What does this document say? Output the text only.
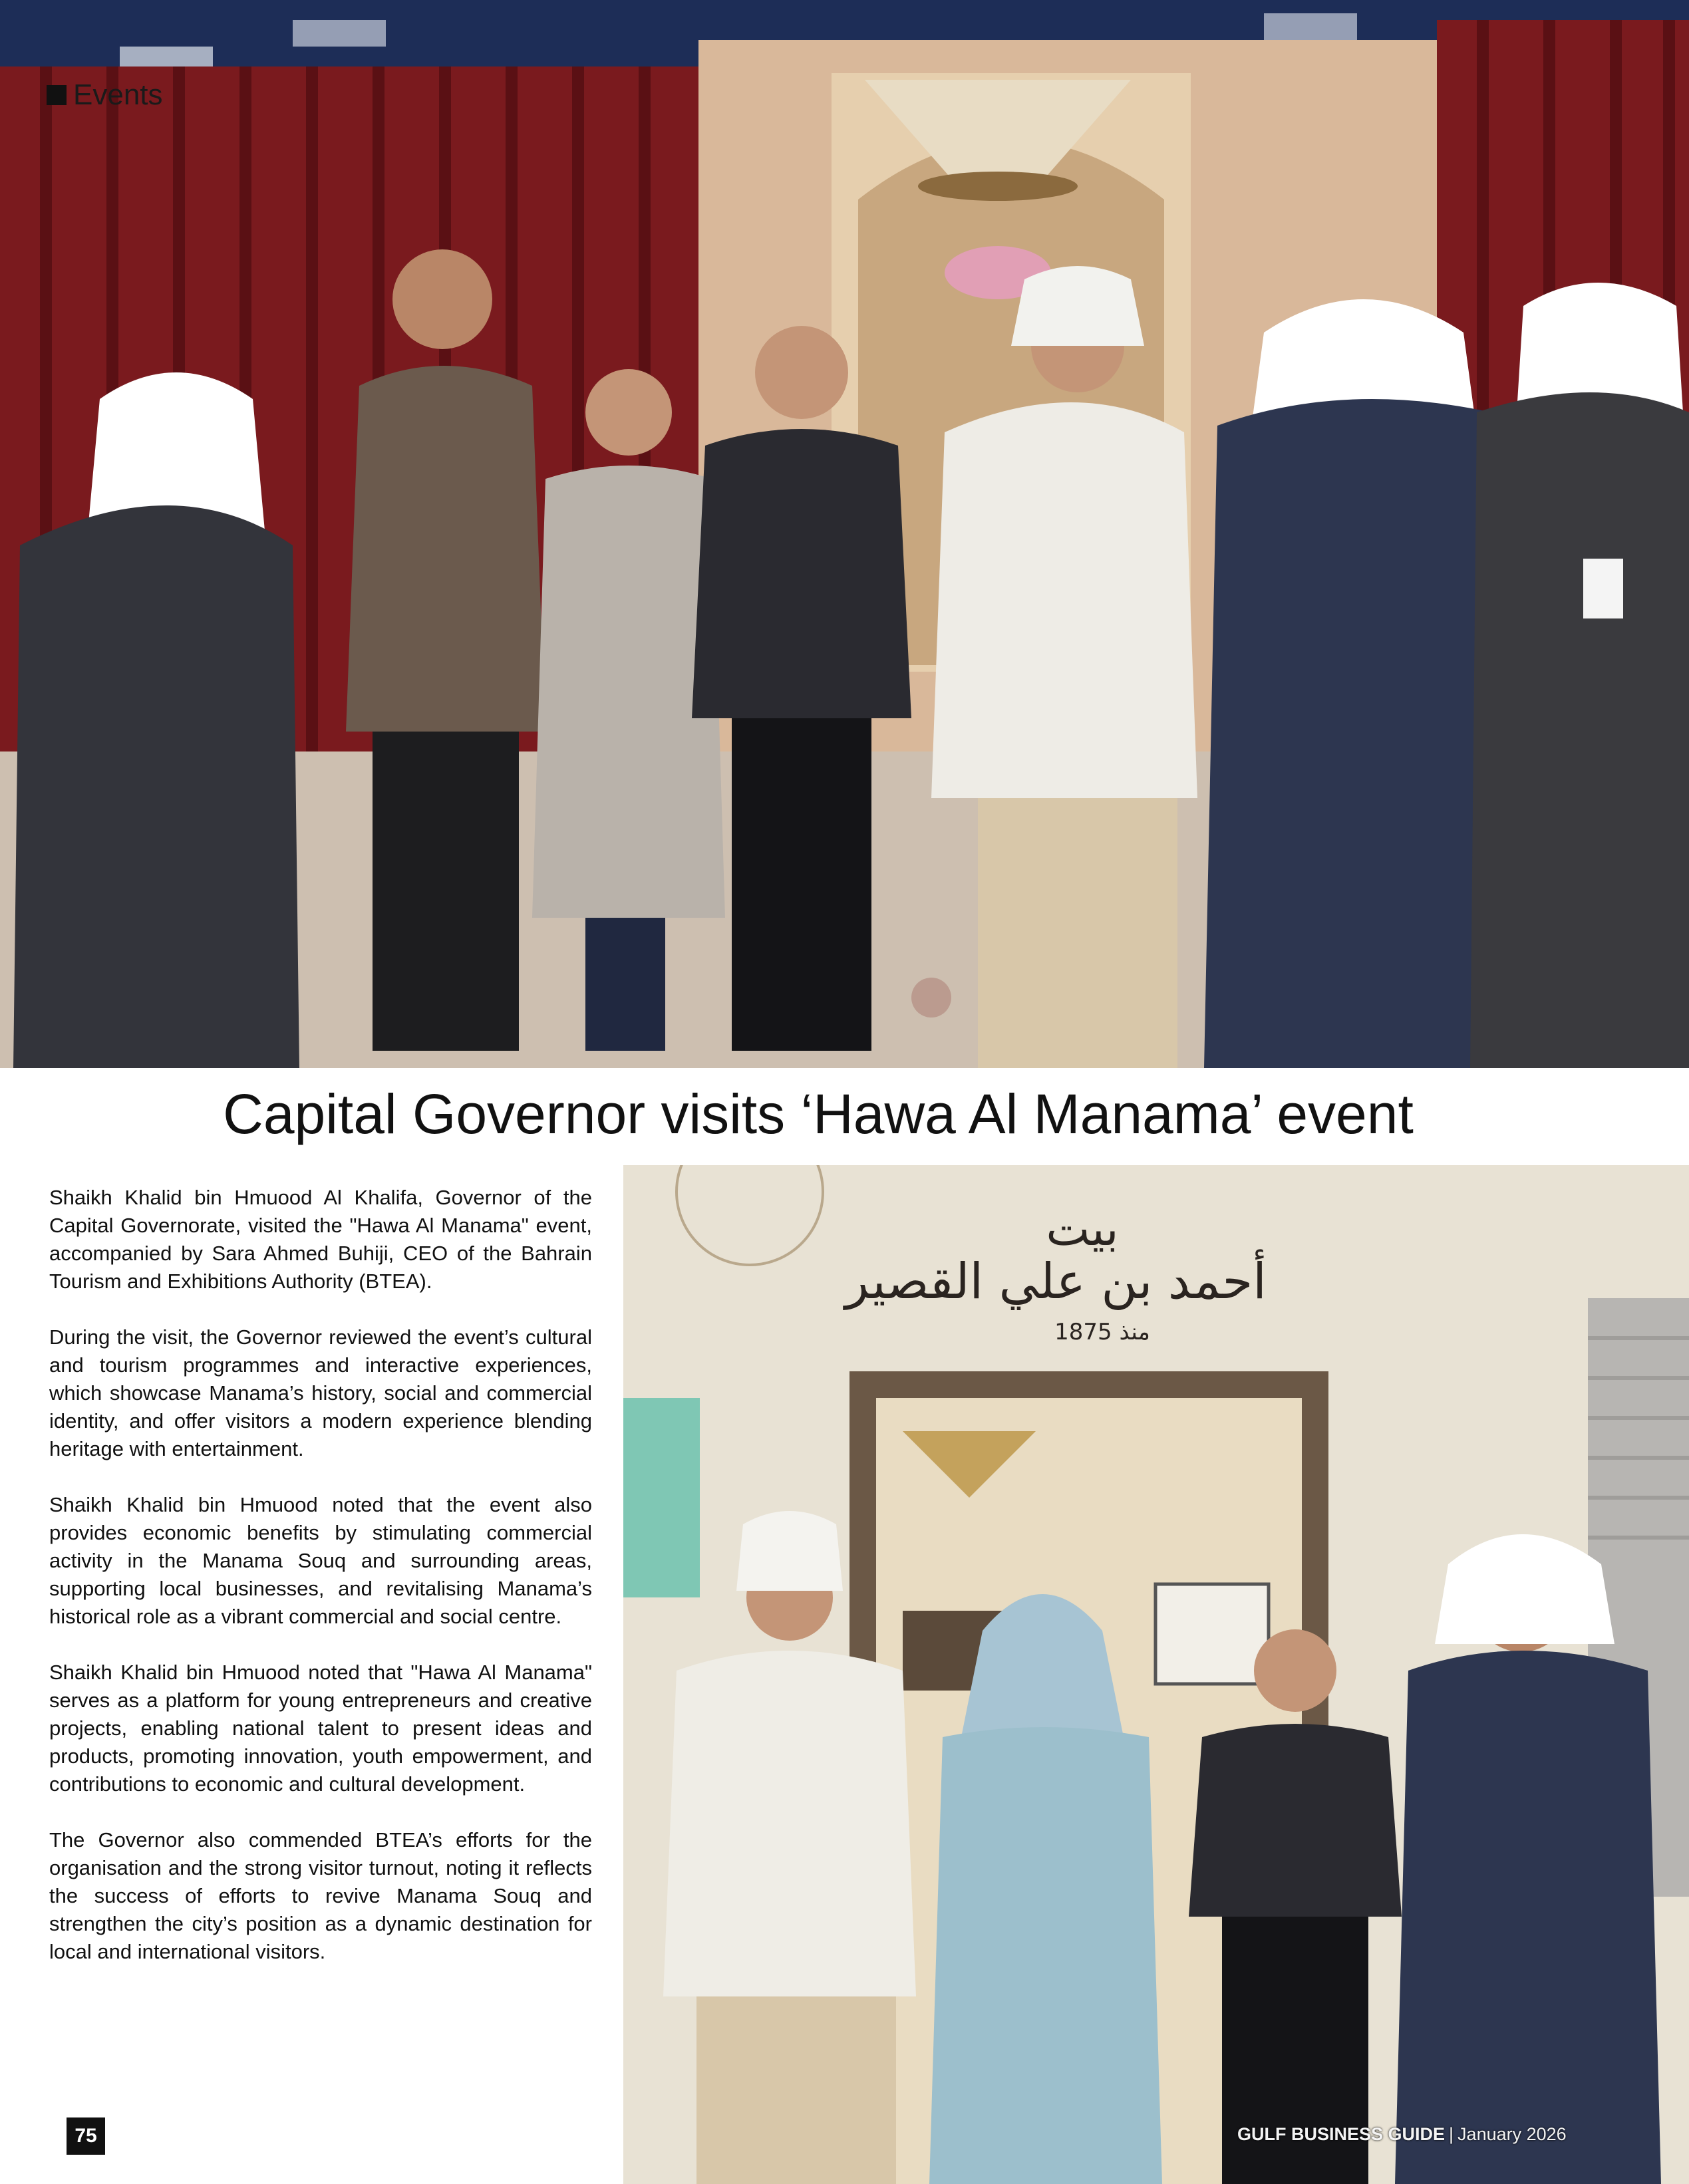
Events
Capital Governor visits ‘Hawa Al Manama’ event

Shaikh Khalid bin Hmuood Al Khalifa, Governor of the Capital Governorate, visited the "Hawa Al Manama" event, accompanied by Sara Ahmed Buhiji, CEO of the Bahrain Tourism and Exhibitions Authority (BTEA).

During the visit, the Governor reviewed the event’s cultural and tourism programmes and interactive experiences, which showcase Manama’s history, social and commercial identity, and offer visitors a modern experience blending heritage with entertainment.

Shaikh Khalid bin Hmuood noted that the event also provides economic benefits by stimulating commercial activity in the Manama Souq and surrounding areas, supporting local businesses, and revitalising Manama’s historical role as a vibrant commercial and social centre.

Shaikh Khalid bin Hmuood noted that "Hawa Al Manama" serves as a platform for young entrepreneurs and creative projects, enabling national talent to present ideas and products, promoting innovation, youth empowerment, and contributions to economic and cultural development.

The Governor also commended BTEA’s efforts for the organisation and the strong visitor turnout, noting it reflects the success of efforts to revive Manama Souq and strengthen the city’s position as a dynamic destination for local and international visitors.

بيت
أحمد بن علي القصير
منذ 1875
75	GULF BUSINESS GUIDE | January 2026
